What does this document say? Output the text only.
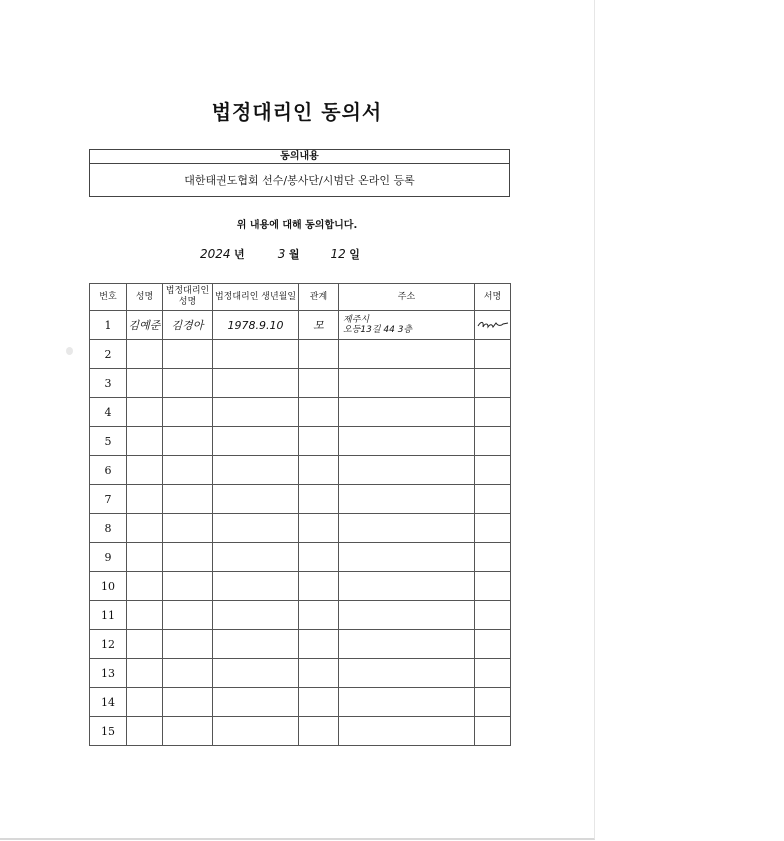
법정대리인 동의서
동의내용
대한태권도협회 선수/봉사단/시범단 온라인 등록
위 내용에 대해 동의합니다.
2024 년	3 월	12 일
번호	성명	법정대리인 성명	법정대리인 생년월일	관계	주소	서명
1	김예준	김경아	1978.9.10	모	제주시
오등13길 44 3층

2					

3					

4					

5					

6					

7					

8					

9					

10					

11					

12					

13					

14					

15					
